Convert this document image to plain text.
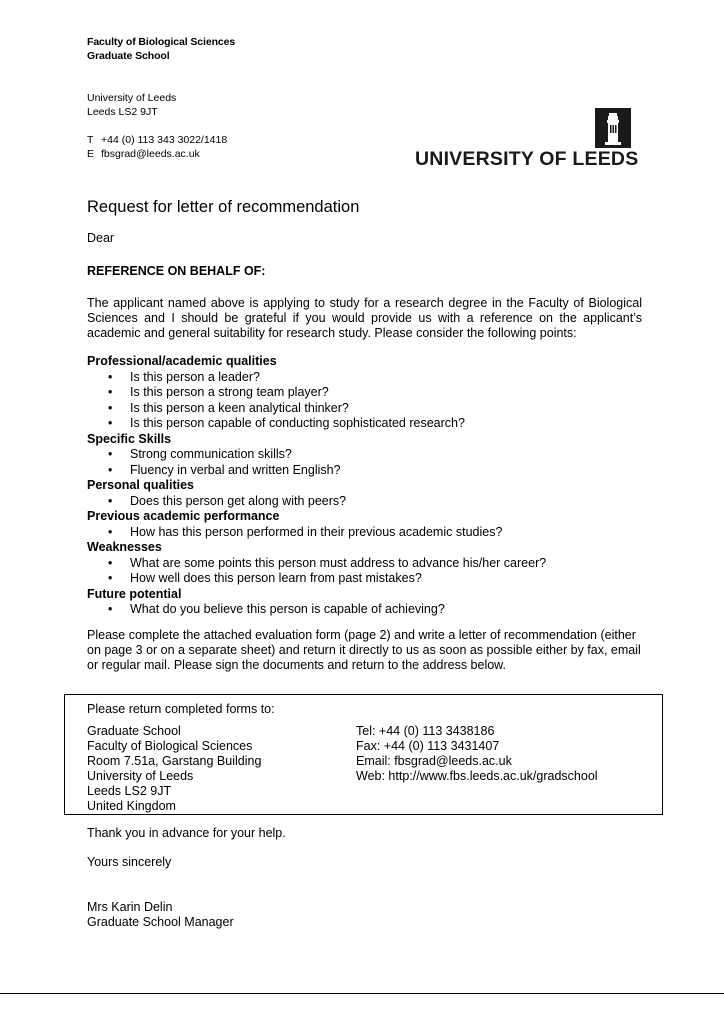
Faculty of Biological Sciences
Graduate School
University of Leeds
Leeds LS2 9JT
T +44 (0) 113 343 3022/1418
E fbsgrad@leeds.ac.uk	UNIVERSITY OF LEEDS
Request for letter of recommendation
Dear
REFERENCE ON BEHALF OF:
The applicant named above is applying to study for a research degree in the Faculty of Biological Sciences and I should be grateful if you would provide us with a reference on the applicant’s academic and general suitability for research study. Please consider the following points:
Professional/academic qualities
• Is this person a leader?
• Is this person a strong team player?
• Is this person a keen analytical thinker?
• Is this person capable of conducting sophisticated research?
Specific Skills
• Strong communication skills?
• Fluency in verbal and written English?
Personal qualities
• Does this person get along with peers?
Previous academic performance
• How has this person performed in their previous academic studies?
Weaknesses
• What are some points this person must address to advance his/her career?
• How well does this person learn from past mistakes?
Future potential
• What do you believe this person is capable of achieving?
Please complete the attached evaluation form (page 2) and write a letter of recommendation (either on page 3 or on a separate sheet) and return it directly to us as soon as possible either by fax, email or regular mail. Please sign the documents and return to the address below.
Please return completed forms to:
Graduate School
Faculty of Biological Sciences
Room 7.51a, Garstang Building
University of Leeds
Leeds LS2 9JT
United Kingdom
Tel: +44 (0) 113 3438186
Fax: +44 (0) 113 3431407
Email: fbsgrad@leeds.ac.uk
Web: http://www.fbs.leeds.ac.uk/gradschool
Thank you in advance for your help.
Yours sincerely
Mrs Karin Delin
Graduate School Manager
